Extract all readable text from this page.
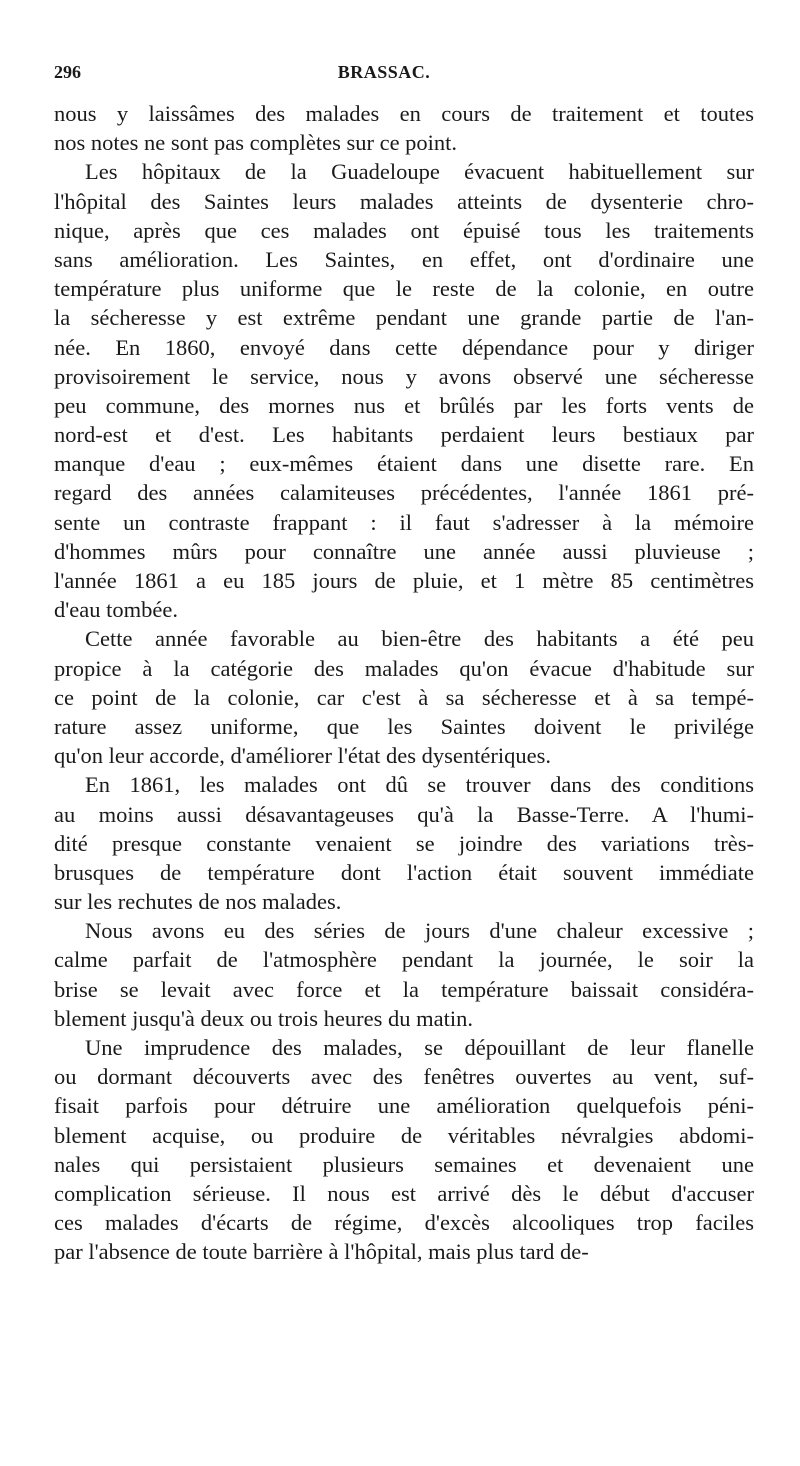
296	BRASSAC.
nous y laissâmes des malades en cours de traitement et toutes
nos notes ne sont pas complètes sur ce point.
Les hôpitaux de la Guadeloupe évacuent habituellement sur
l'hôpital des Saintes leurs malades atteints de dysenterie chro-
nique, après que ces malades ont épuisé tous les traitements
sans amélioration. Les Saintes, en effet, ont d'ordinaire une
température plus uniforme que le reste de la colonie, en outre
la sécheresse y est extrême pendant une grande partie de l'an-
née. En 1860, envoyé dans cette dépendance pour y diriger
provisoirement le service, nous y avons observé une sécheresse
peu commune, des mornes nus et brûlés par les forts vents de
nord-est et d'est. Les habitants perdaient leurs bestiaux par
manque d'eau ; eux-mêmes étaient dans une disette rare. En
regard des années calamiteuses précédentes, l'année 1861 pré-
sente un contraste frappant : il faut s'adresser à la mémoire
d'hommes mûrs pour connaître une année aussi pluvieuse ;
l'année 1861 a eu 185 jours de pluie, et 1 mètre 85 centimètres
d'eau tombée.
Cette année favorable au bien-être des habitants a été peu
propice à la catégorie des malades qu'on évacue d'habitude sur
ce point de la colonie, car c'est à sa sécheresse et à sa tempé-
rature assez uniforme, que les Saintes doivent le privilége
qu'on leur accorde, d'améliorer l'état des dysentériques.
En 1861, les malades ont dû se trouver dans des conditions
au moins aussi désavantageuses qu'à la Basse-Terre. A l'humi-
dité presque constante venaient se joindre des variations très-
brusques de température dont l'action était souvent immédiate
sur les rechutes de nos malades.
Nous avons eu des séries de jours d'une chaleur excessive ;
calme parfait de l'atmosphère pendant la journée, le soir la
brise se levait avec force et la température baissait considéra-
blement jusqu'à deux ou trois heures du matin.
Une imprudence des malades, se dépouillant de leur flanelle
ou dormant découverts avec des fenêtres ouvertes au vent, suf-
fisait parfois pour détruire une amélioration quelquefois péni-
blement acquise, ou produire de véritables névralgies abdomi-
nales qui persistaient plusieurs semaines et devenaient une
complication sérieuse. Il nous est arrivé dès le début d'accuser
ces malades d'écarts de régime, d'excès alcooliques trop faciles
par l'absence de toute barrière à l'hôpital, mais plus tard de-
